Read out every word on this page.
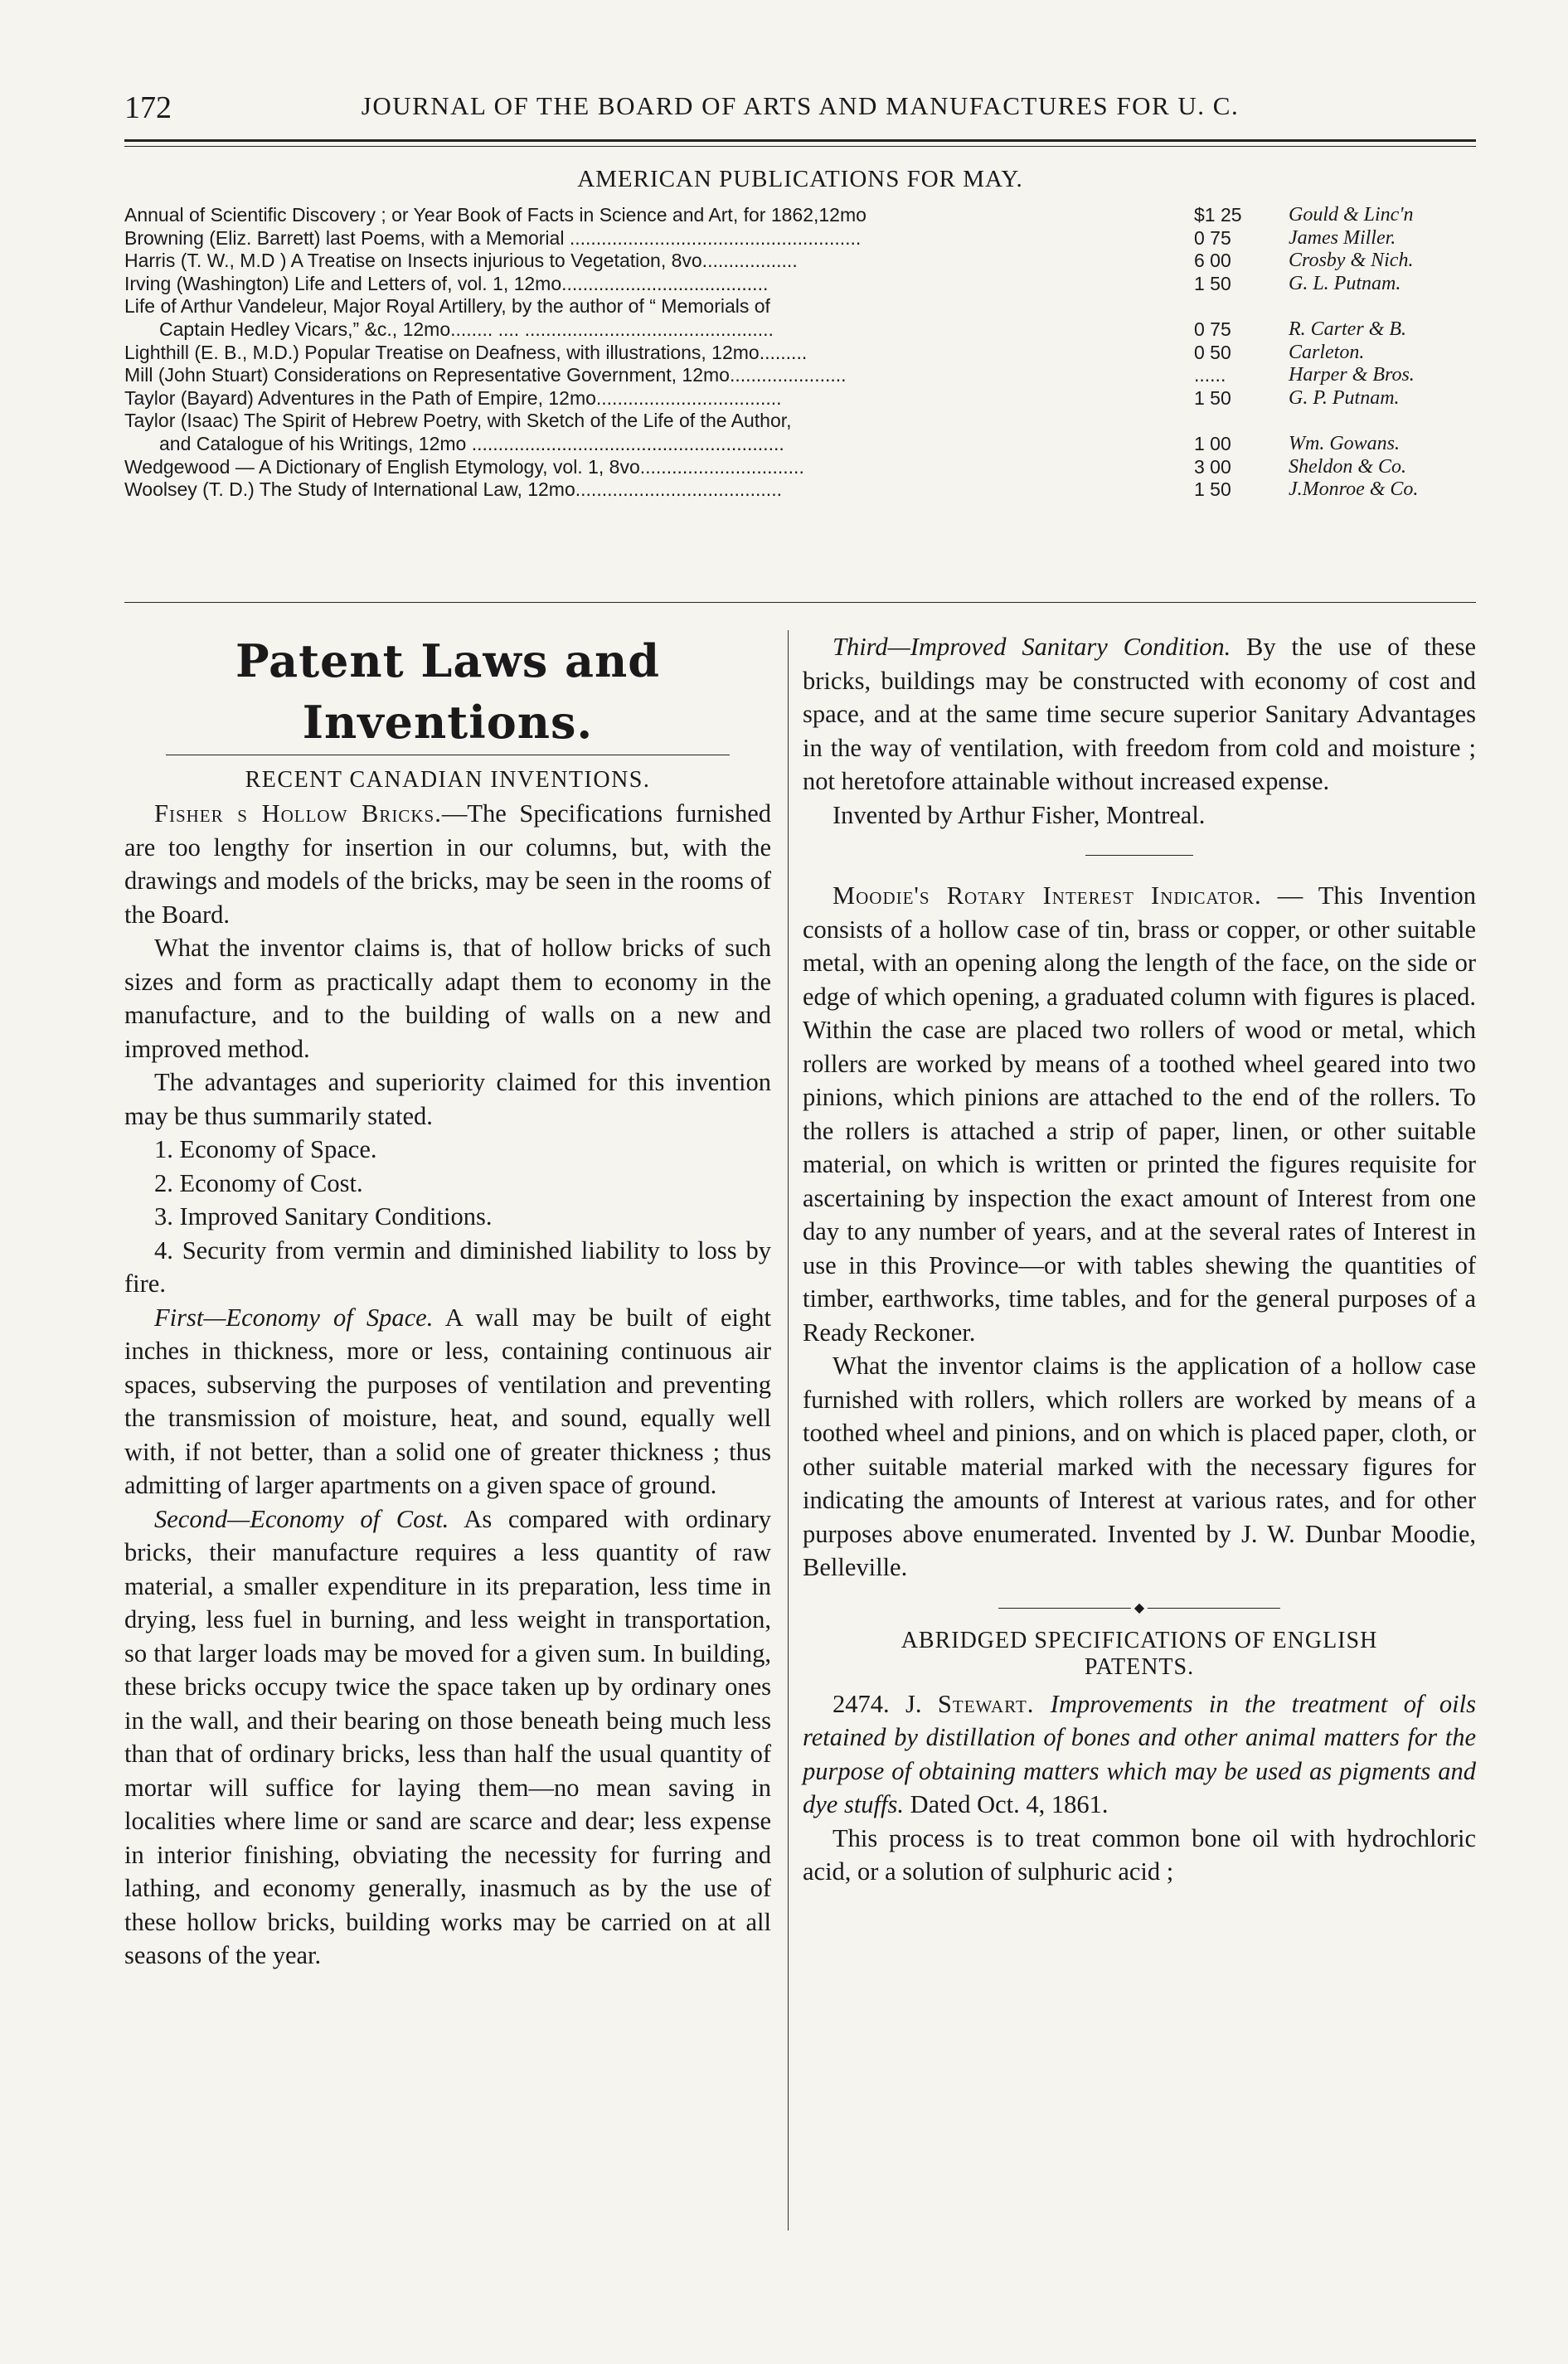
172	JOURNAL OF THE BOARD OF ARTS AND MANUFACTURES FOR U. C.
AMERICAN PUBLICATIONS FOR MAY.
Annual of Scientific Discovery ; or Year Book of Facts in Science and Art, for 1862,12mo	$1 25	Gould & Linc'n
Browning (Eliz. Barrett) last Poems, with a Memorial .......................................................	0 75	James Miller.
Harris (T. W., M.D ) A Treatise on Insects injurious to Vegetation, 8vo..................	6 00	Crosby & Nich.
Irving (Washington) Life and Letters of, vol. 1, 12mo.......................................	1 50	G. L. Putnam.
Life of Arthur Vandeleur, Major Royal Artillery, by the author of “ Memorials of
Captain Hedley Vicars,” &c., 12mo........ .... ...............................................	0 75	R. Carter & B.
Lighthill (E. B., M.D.) Popular Treatise on Deafness, with illustrations, 12mo.........	0 50	Carleton.
Mill (John Stuart) Considerations on Representative Government, 12mo......................	......	Harper & Bros.
Taylor (Bayard) Adventures in the Path of Empire, 12mo...................................	1 50	G. P. Putnam.
Taylor (Isaac) The Spirit of Hebrew Poetry, with Sketch of the Life of the Author,
and Catalogue of his Writings, 12mo ...........................................................	1 00	Wm. Gowans.
Wedgewood — A Dictionary of English Etymology, vol. 1, 8vo...............................	3 00	Sheldon & Co.
Woolsey (T. D.) The Study of International Law, 12mo.......................................	1 50	J.Monroe & Co.
Patent Laws and Inventions.
RECENT CANADIAN INVENTIONS.

Fisher s Hollow Bricks.—The Specifications furnished are too lengthy for insertion in our columns, but, with the drawings and models of the bricks, may be seen in the rooms of the Board.

What the inventor claims is, that of hollow bricks of such sizes and form as practically adapt them to economy in the manufacture, and to the building of walls on a new and improved method.

The advantages and superiority claimed for this invention may be thus summarily stated.

1. Economy of Space.

2. Economy of Cost.

3. Improved Sanitary Conditions.

4. Security from vermin and diminished liability to loss by fire.

First—Economy of Space. A wall may be built of eight inches in thickness, more or less, containing continuous air spaces, subserving the purposes of ventilation and preventing the transmission of moisture, heat, and sound, equally well with, if not better, than a solid one of greater thickness ; thus admitting of larger apartments on a given space of ground.

Second—Economy of Cost. As compared with ordinary bricks, their manufacture requires a less quantity of raw material, a smaller expenditure in its preparation, less time in drying, less fuel in burning, and less weight in transportation, so that larger loads may be moved for a given sum. In building, these bricks occupy twice the space taken up by ordinary ones in the wall, and their bearing on those beneath being much less than that of ordinary bricks, less than half the usual quantity of mortar will suffice for laying them—no mean saving in localities where lime or sand are scarce and dear; less expense in interior finishing, obviating the necessity for furring and lathing, and economy generally, inasmuch as by the use of these hollow bricks, building works may be carried on at all seasons of the year.

Third—Improved Sanitary Condition. By the use of these bricks, buildings may be constructed with economy of cost and space, and at the same time secure superior Sanitary Advantages in the way of ventilation, with freedom from cold and moisture ; not heretofore attainable without increased expense.

Invented by Arthur Fisher, Montreal.

Moodie's Rotary Interest Indicator. — This Invention consists of a hollow case of tin, brass or copper, or other suitable metal, with an opening along the length of the face, on the side or edge of which opening, a graduated column with figures is placed. Within the case are placed two rollers of wood or metal, which rollers are worked by means of a toothed wheel geared into two pinions, which pinions are attached to the end of the rollers. To the rollers is attached a strip of paper, linen, or other suitable material, on which is written or printed the figures requisite for ascertaining by inspection the exact amount of Interest from one day to any number of years, and at the several rates of Interest in use in this Province—or with tables shewing the quantities of timber, earthworks, time tables, and for the general purposes of a Ready Reckoner.

What the inventor claims is the application of a hollow case furnished with rollers, which rollers are worked by means of a toothed wheel and pinions, and on which is placed paper, cloth, or other suitable material marked with the necessary figures for indicating the amounts of Interest at various rates, and for other purposes above enumerated. Invented by J. W. Dunbar Moodie, Belleville.

◆
ABRIDGED SPECIFICATIONS OF ENGLISH
PATENTS.

2474. J. Stewart. Improvements in the treatment of oils retained by distillation of bones and other animal matters for the purpose of obtaining matters which may be used as pigments and dye stuffs. Dated Oct. 4, 1861.

This process is to treat common bone oil with hydrochloric acid, or a solution of sulphuric acid ;
